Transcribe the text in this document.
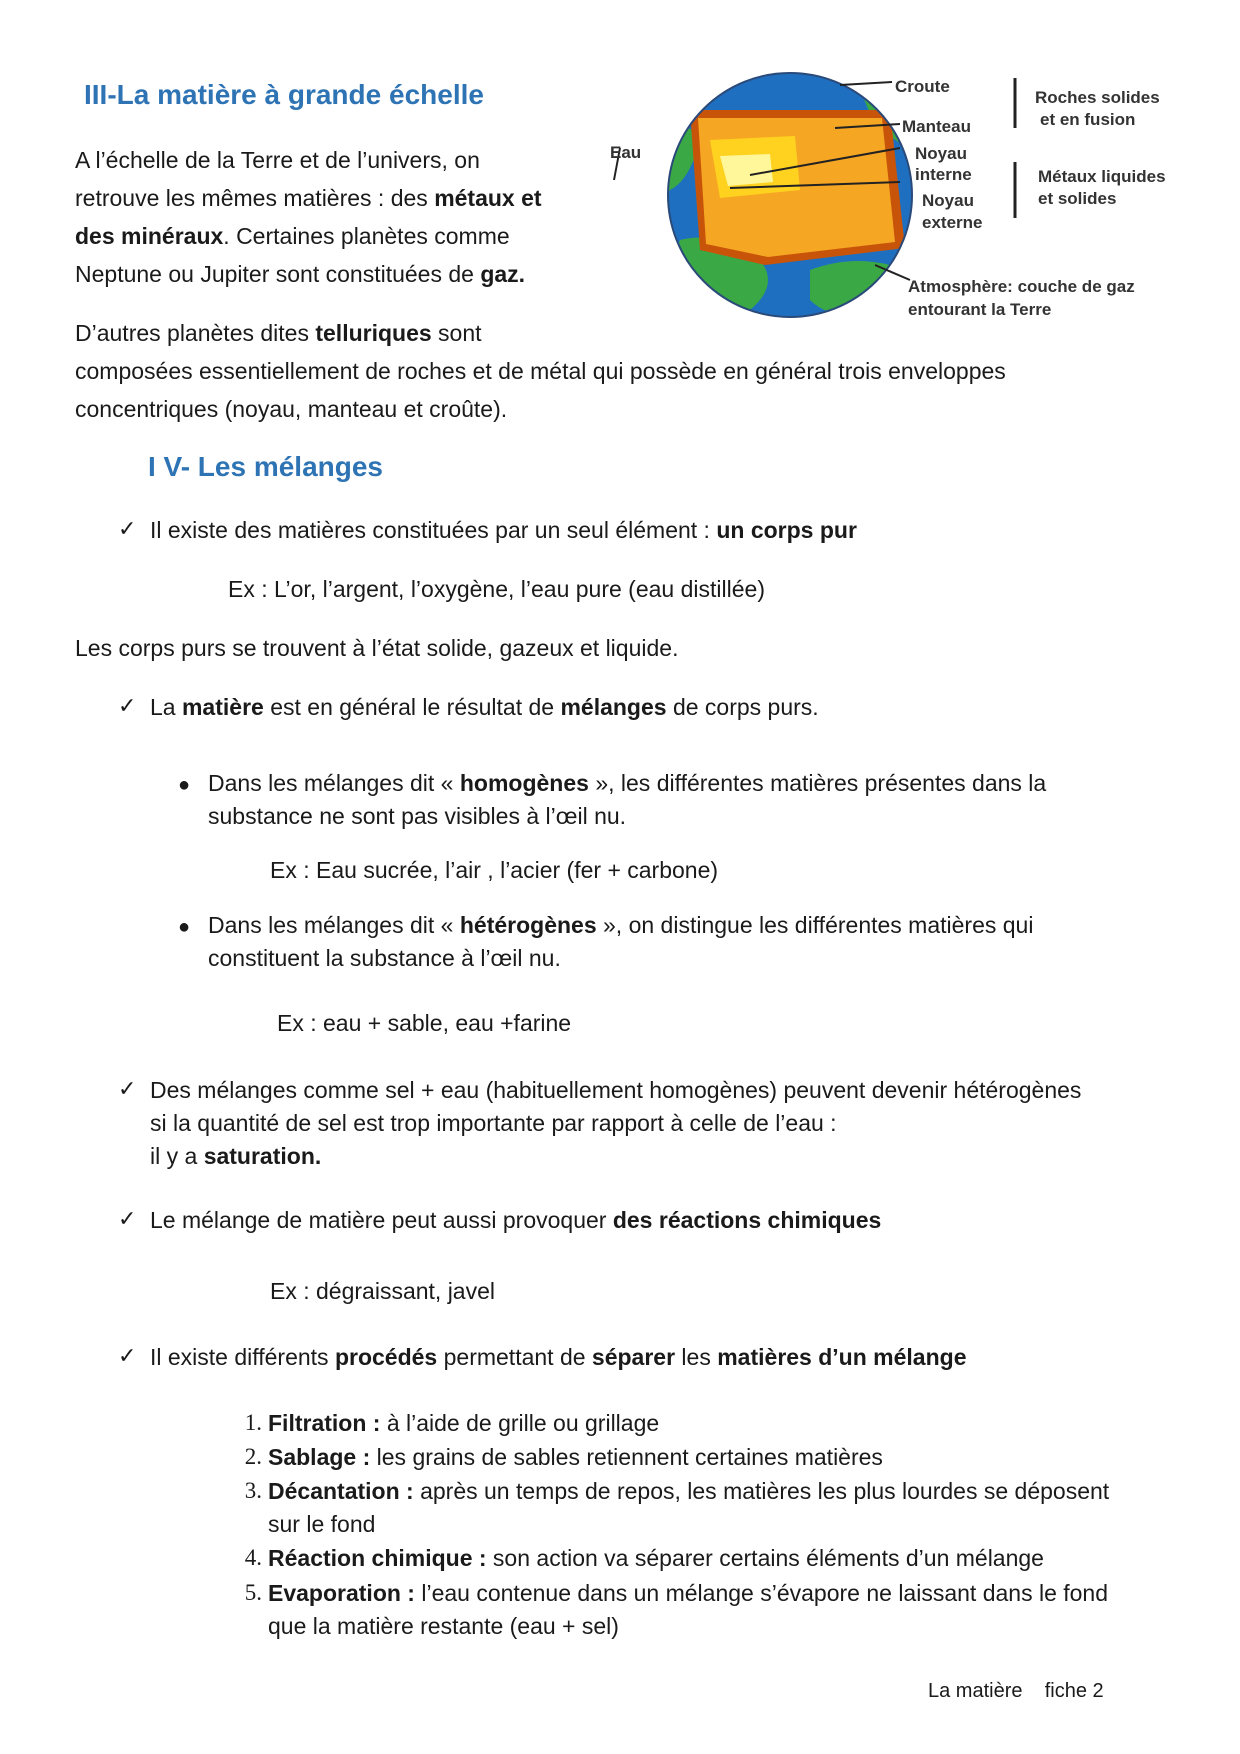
III-La matière à grande échelle
A l’échelle de la Terre et de l’univers, on
retrouve les mêmes matières : des métaux et
des minéraux. Certaines planètes comme
Neptune ou Jupiter sont constituées de gaz.
D’autres planètes dites telluriques sont
composées essentiellement de roches et de métal qui possède en général trois enveloppes
concentriques (noyau, manteau et croûte).
Croute
Manteau
Noyau
interne
Noyau
externe
Eau
Roches solides
et en fusion
Métaux liquides
et solides
Atmosphère: couche de gaz
entourant la Terre
I V- Les mélanges
✓ Il existe des matières constituées par un seul élément : un corps pur
Ex : L’or, l’argent, l’oxygène, l’eau pure (eau distillée)
Les corps purs se trouvent à l’état solide, gazeux et liquide.
✓ La matière est en général le résultat de mélanges de corps purs.
● Dans les mélanges dit « homogènes », les différentes matières présentes dans la
substance ne sont pas visibles à l’œil nu.
Ex : Eau sucrée, l’air , l’acier (fer + carbone)
● Dans les mélanges dit « hétérogènes », on distingue les différentes matières qui
constituent la substance à l’œil nu.
Ex : eau + sable, eau +farine
✓ Des mélanges comme sel + eau (habituellement homogènes) peuvent devenir hétérogènes
si la quantité de sel est trop importante par rapport à celle de l’eau :
il y a saturation.
✓ Le mélange de matière peut aussi provoquer des réactions chimiques
Ex : dégraissant, javel
✓ Il existe différents procédés permettant de séparer les matières d’un mélange
1. Filtration : à l’aide de grille ou grillage
2. Sablage : les grains de sables retiennent certaines matières
3. Décantation : après un temps de repos, les matières les plus lourdes se déposent
sur le fond
4. Réaction chimique : son action va séparer certains éléments d’un mélange
5. Evaporation : l’eau contenue dans un mélange s’évapore ne laissant dans le fond
que la matière restante (eau + sel)
La matière    fiche 2
